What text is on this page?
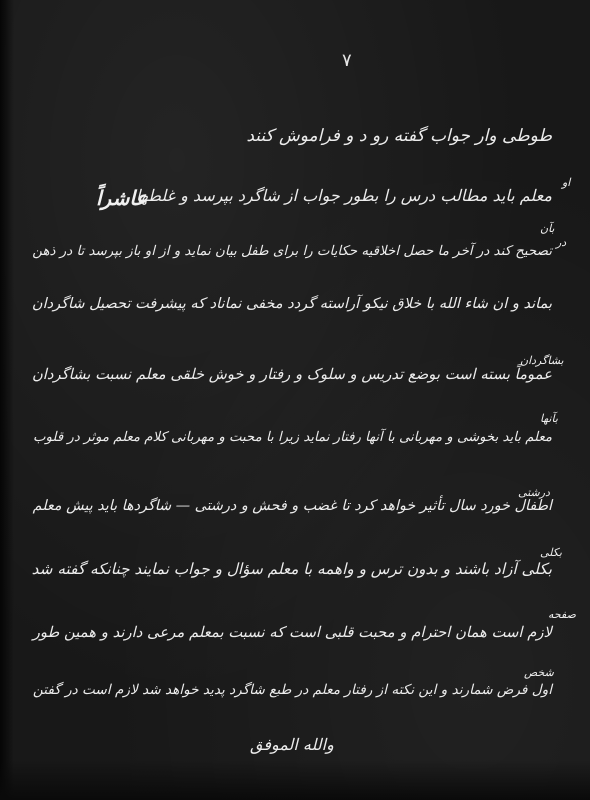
۷
طوطی وار جواب گفته رو د و فراموش کنند
معلم باید مطالب درس را بطور جواب از شاگرد بپرسد و غلطها
عاشراً
تصحیح کند در آخر ما حصل اخلاقیه حکایات را برای طفل بیان نماید و از او باز بپرسد تا در ذهن
بماند و ان شاء الله با خلاق نیکو آراسته گردد مخفی نماناد که پیشرفت تحصیل شاگردان
عموماً بسته است بوضع تدریس و سلوک و رفتار و خوش خلقی معلم نسبت بشاگردان
معلم باید بخوشی و مهربانی با آنها رفتار نماید زیرا با محبت و مهربانی کلام معلم موثر در قلوب
اطفال خورد سال تأثیر خواهد کرد تا غضب و فحش و درشتی — شاگردها باید پیش معلم
بکلی آزاد باشند و بدون ترس و واهمه با معلم سؤال و جواب نمایند چنانکه گفته شد
لازم است همان احترام و محبت قلبی است که نسبت بمعلم مرعی دارند و همین طور
اول فرض شمارند و این نکته از رفتار معلم در طبع شاگرد پدید خواهد شد لازم است در گفتن
او
در
بآن
بشاگردان
بآنها
درشتی
بکلی
صفحه
شخص
والله الموفق
